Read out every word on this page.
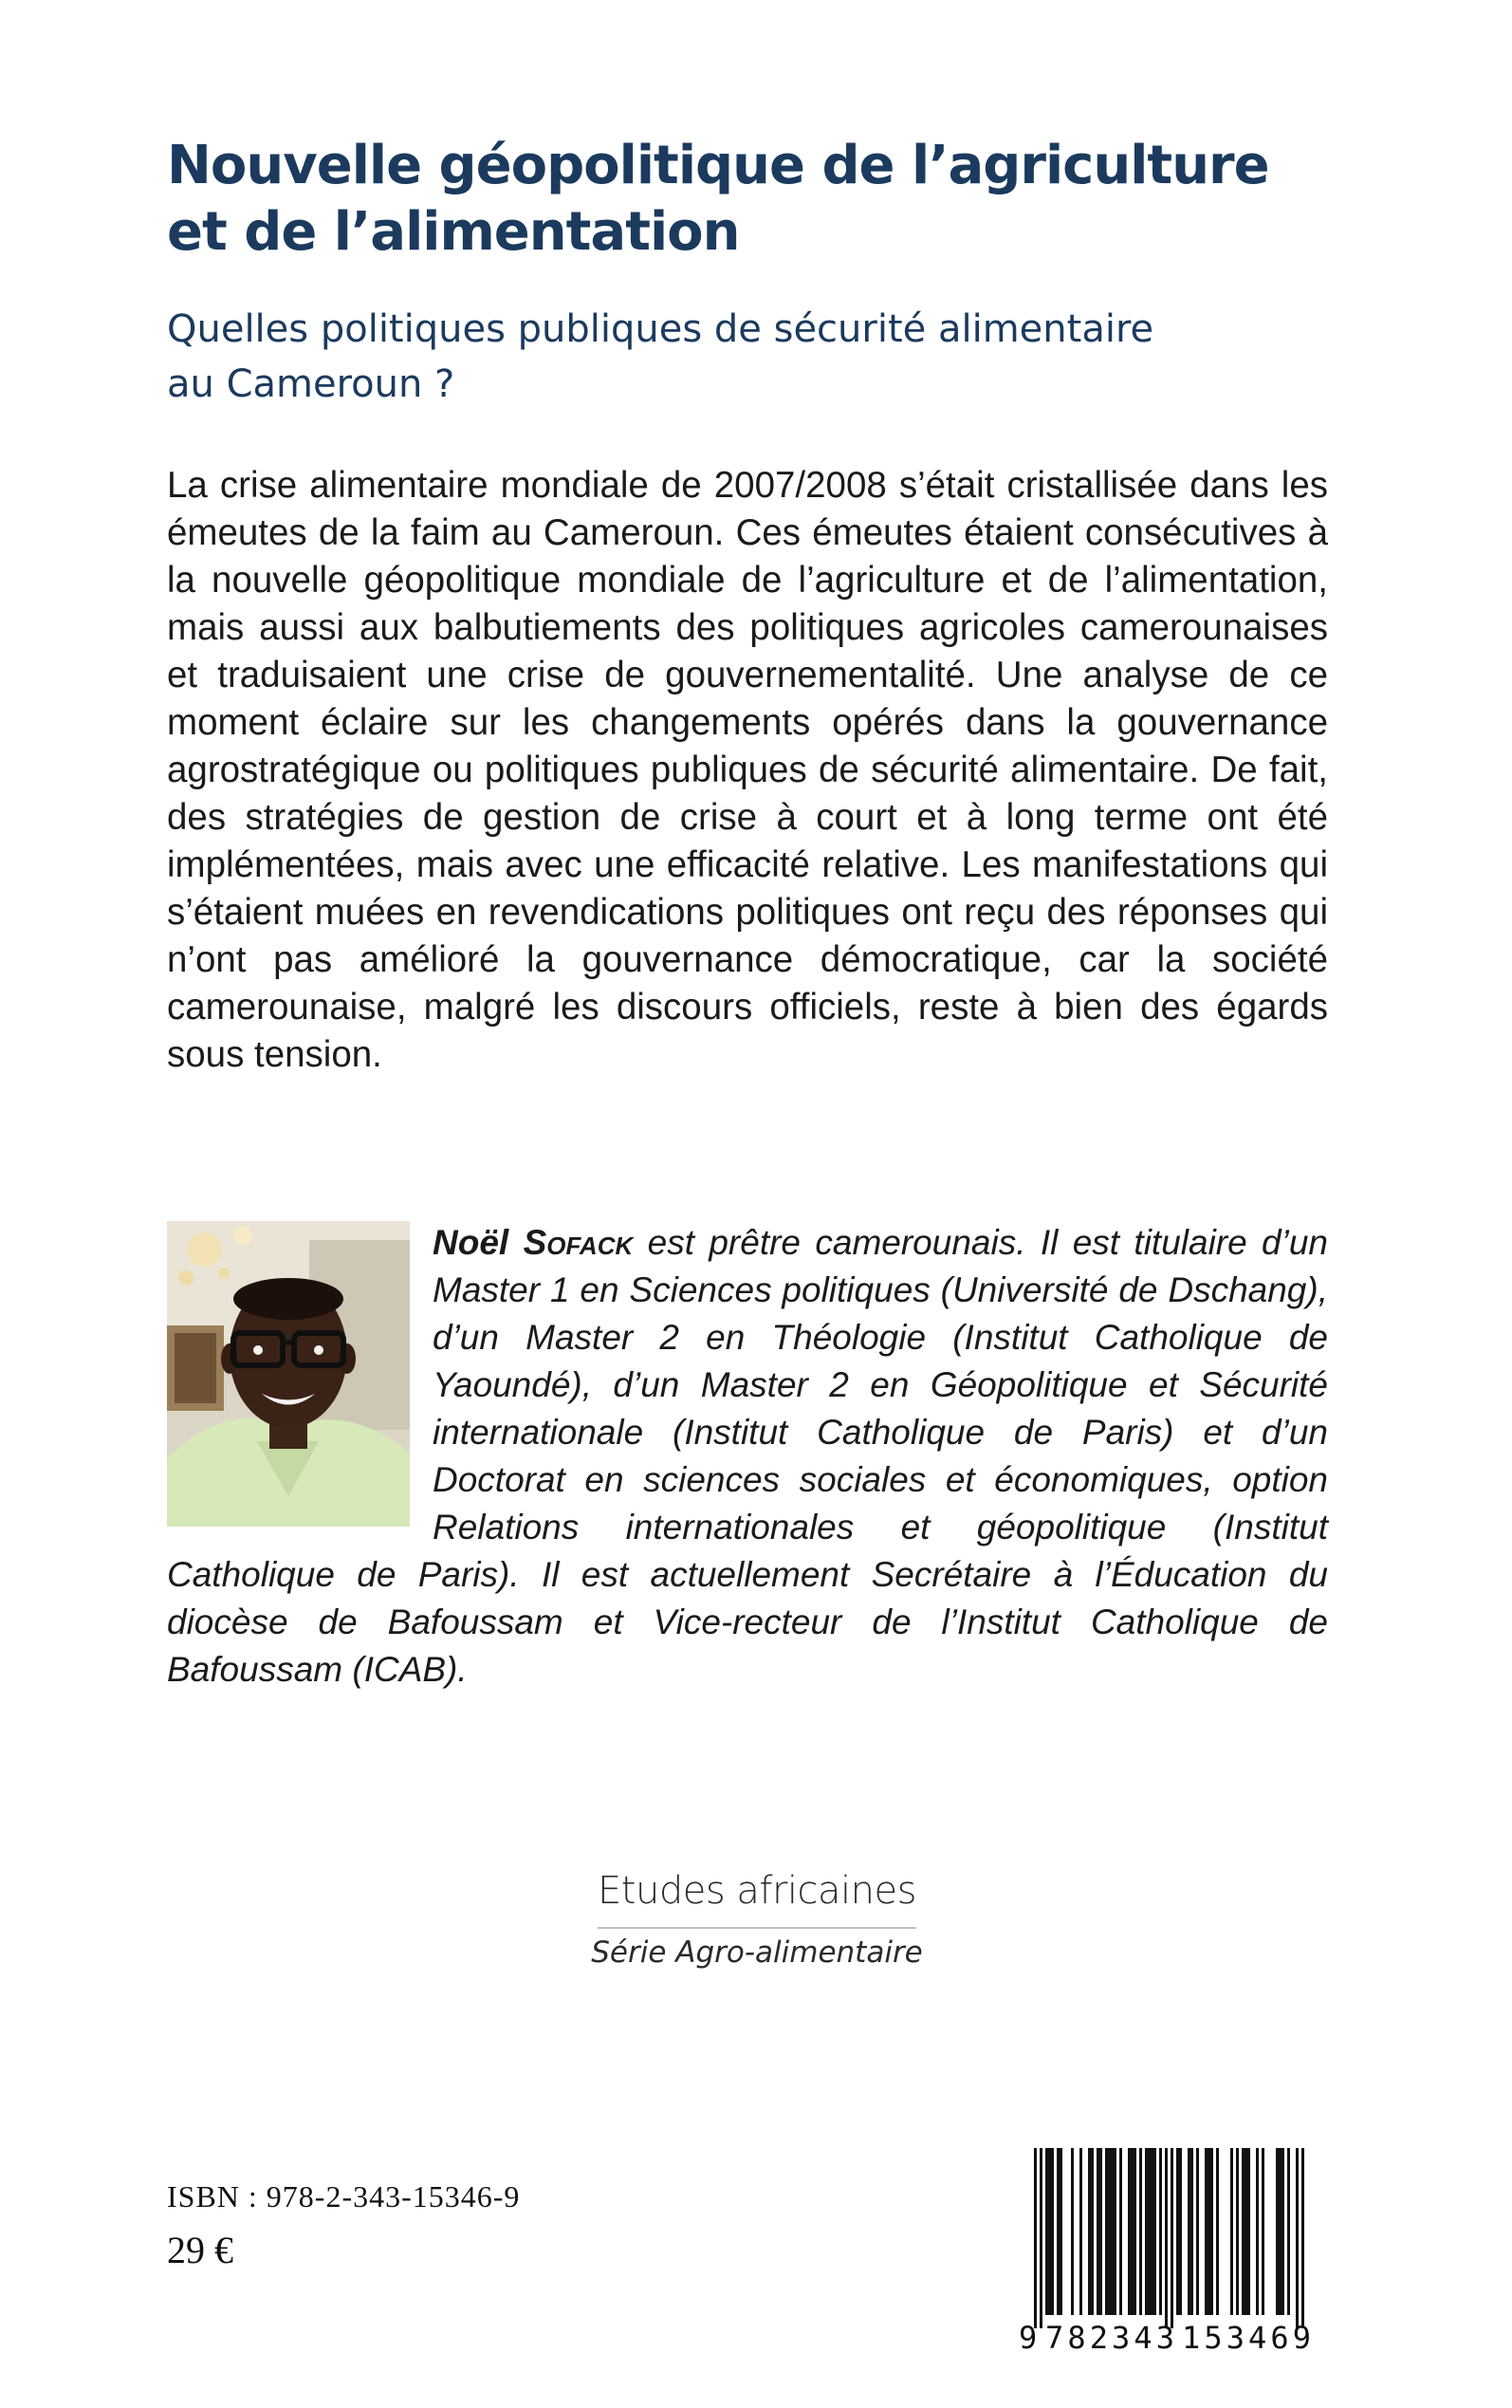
Nouvelle géopolitique de l’agriculture
et de l’alimentation
Quelles politiques publiques de sécurité alimentaire
au Cameroun ?

La crise alimentaire mondiale de 2007/2008 s’était cristallisée dans les émeutes de la faim au Cameroun. Ces émeutes étaient consécutives à la nouvelle géopolitique mondiale de l’agriculture et de l’alimentation, mais aussi aux balbutiements des politiques agricoles camerounaises et traduisaient une crise de gouvernementalité. Une analyse de ce moment éclaire sur les changements opérés dans la gouvernance agrostratégique ou politiques publiques de sécurité alimentaire. De fait, des stratégies de gestion de crise à court et à long terme ont été implémentées, mais avec une efficacité relative. Les manifestations qui s’étaient muées en revendications politiques ont reçu des réponses qui n’ont pas amélioré la gouvernance démocratique, car la société camerounaise, malgré les discours officiels, reste à bien des égards sous tension.

Noël Sofack est prêtre camerounais. Il est titulaire d’un Master 1 en Sciences politiques (Université de Dschang), d’un Master 2 en Théologie (Institut Catholique de Yaoundé), d’un Master 2 en Géopolitique et Sécurité internationale (Institut Catholique de Paris) et d’un Doctorat en sciences sociales et économiques, option Relations internationales et géopolitique (Institut Catholique de Paris). Il est actuellement Secrétaire à l’Éducation du diocèse de Bafoussam et Vice-recteur de l’Institut Catholique de Bafoussam (ICAB).

Etudes africaines

Série Agro-alimentaire

ISBN : 978-2-343-15346-9

29 €

9 782343 153469
